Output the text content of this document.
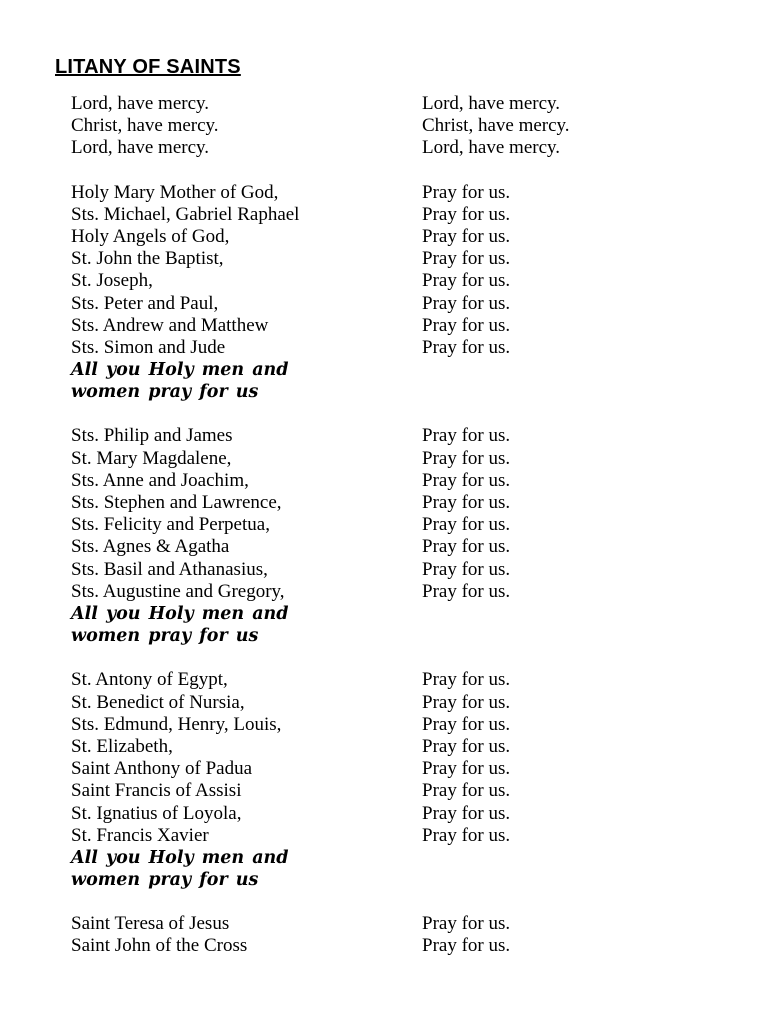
LITANY OF SAINTS
Lord, have mercy.	Lord, have mercy.
Christ, have mercy.	Christ, have mercy.
Lord, have mercy.	Lord, have mercy.
Holy Mary Mother of God,	Pray for us.
Sts. Michael, Gabriel Raphael	Pray for us.
Holy Angels of God,	Pray for us.
St. John the Baptist,	Pray for us.
St. Joseph,	Pray for us.
Sts. Peter and Paul,	Pray for us.
Sts. Andrew and Matthew	Pray for us.
Sts. Simon and Jude	Pray for us.
All you Holy men and women pray for us
Sts. Philip and James	Pray for us.
St. Mary Magdalene,	Pray for us.
Sts. Anne and Joachim,	Pray for us.
Sts. Stephen and Lawrence,	Pray for us.
Sts. Felicity and Perpetua,	Pray for us.
Sts. Agnes & Agatha	Pray for us.
Sts. Basil and Athanasius,	Pray for us.
Sts. Augustine and Gregory,	Pray for us.
All you Holy men and women pray for us
St. Antony of Egypt,	Pray for us.
St. Benedict of Nursia,	Pray for us.
Sts. Edmund, Henry, Louis,	Pray for us.
St. Elizabeth,	Pray for us.
Saint Anthony of Padua	Pray for us.
Saint Francis of Assisi	Pray for us.
St. Ignatius of Loyola,	Pray for us.
St. Francis Xavier	Pray for us.
All you Holy men and women pray for us
Saint Teresa of Jesus	Pray for us.
Saint John of the Cross	Pray for us.
